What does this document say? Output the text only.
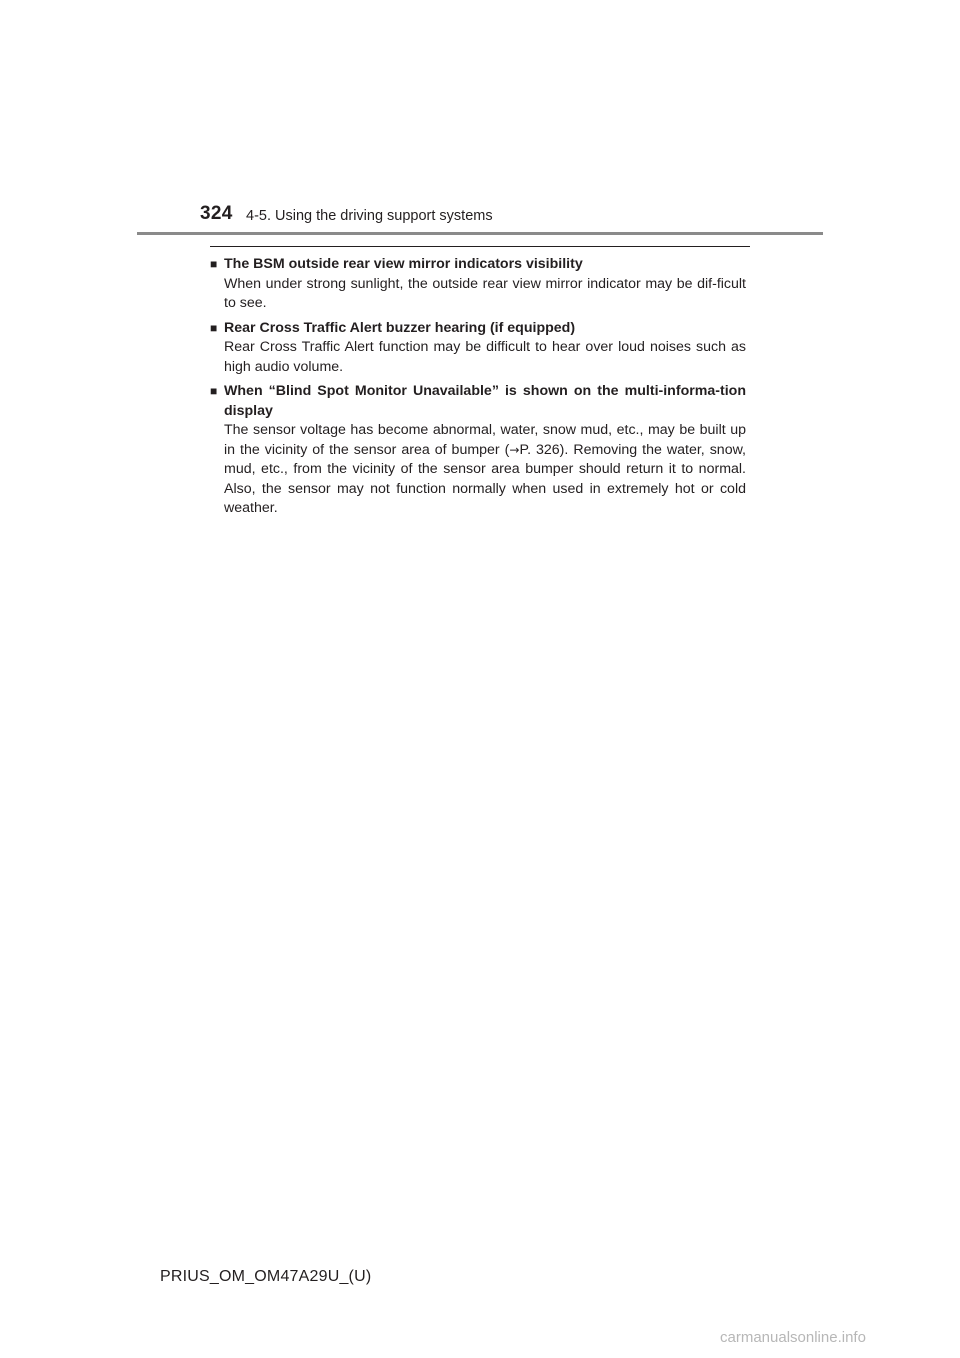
324 4-5. Using the driving support systems
■ The BSM outside rear view mirror indicators visibility
When under strong sunlight, the outside rear view mirror indicator may be dif-ficult to see.
■ Rear Cross Traffic Alert buzzer hearing (if equipped)
Rear Cross Traffic Alert function may be difficult to hear over loud noises such as high audio volume.
■ When “Blind Spot Monitor Unavailable” is shown on the multi-informa-tion display
The sensor voltage has become abnormal, water, snow mud, etc., may be built up in the vicinity of the sensor area of bumper (→P. 326). Removing the water, snow, mud, etc., from the vicinity of the sensor area bumper should return it to normal. Also, the sensor may not function normally when used in extremely hot or cold weather.
PRIUS_OM_OM47A29U_(U)
carmanualsonline.info
